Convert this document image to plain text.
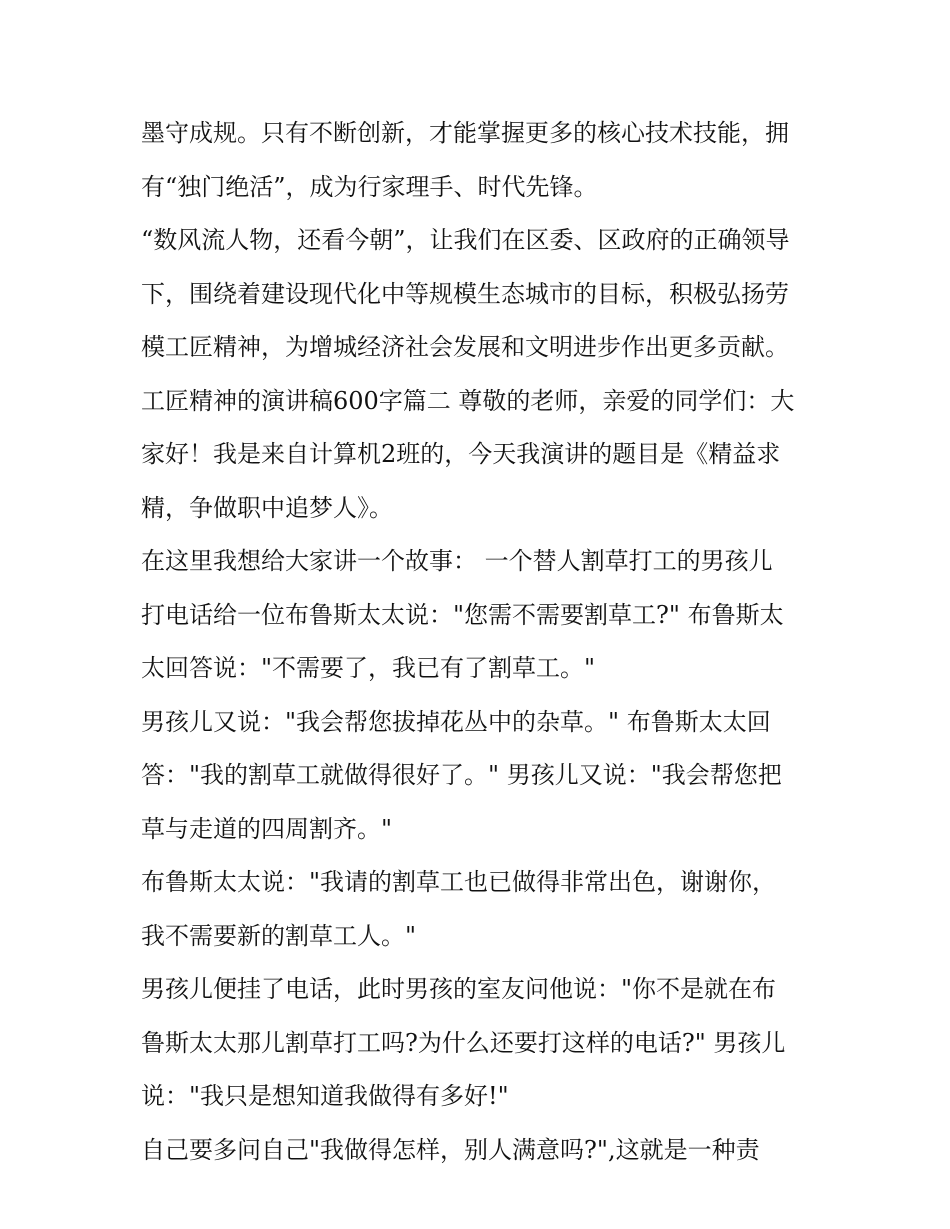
墨守成规。只有不断创新，才能掌握更多的核心技术技能，拥
有“独门绝活”，成为行家理手、时代先锋。
“数风流人物，还看今朝”，让我们在区委、区政府的正确领导
下，围绕着建设现代化中等规模生态城市的目标，积极弘扬劳
模工匠精神，为增城经济社会发展和文明进步作出更多贡献。
工匠精神的演讲稿600字篇二 尊敬的老师，亲爱的同学们：大
家好！我是来自计算机2班的，今天我演讲的题目是《精益求
精，争做职中追梦人》。
在这里我想给大家讲一个故事： 一个替人割草打工的男孩儿
打电话给一位布鲁斯太太说："您需不需要割草工?" 布鲁斯太
太回答说："不需要了，我已有了割草工。"
男孩儿又说："我会帮您拔掉花丛中的杂草。" 布鲁斯太太回
答："我的割草工就做得很好了。" 男孩儿又说："我会帮您把
草与走道的四周割齐。"
布鲁斯太太说："我请的割草工也已做得非常出色，谢谢你，
我不需要新的割草工人。"
男孩儿便挂了电话，此时男孩的室友问他说："你不是就在布
鲁斯太太那儿割草打工吗?为什么还要打这样的电话?" 男孩儿
说："我只是想知道我做得有多好!"
自己要多问自己"我做得怎样，别人满意吗?",这就是一种责
